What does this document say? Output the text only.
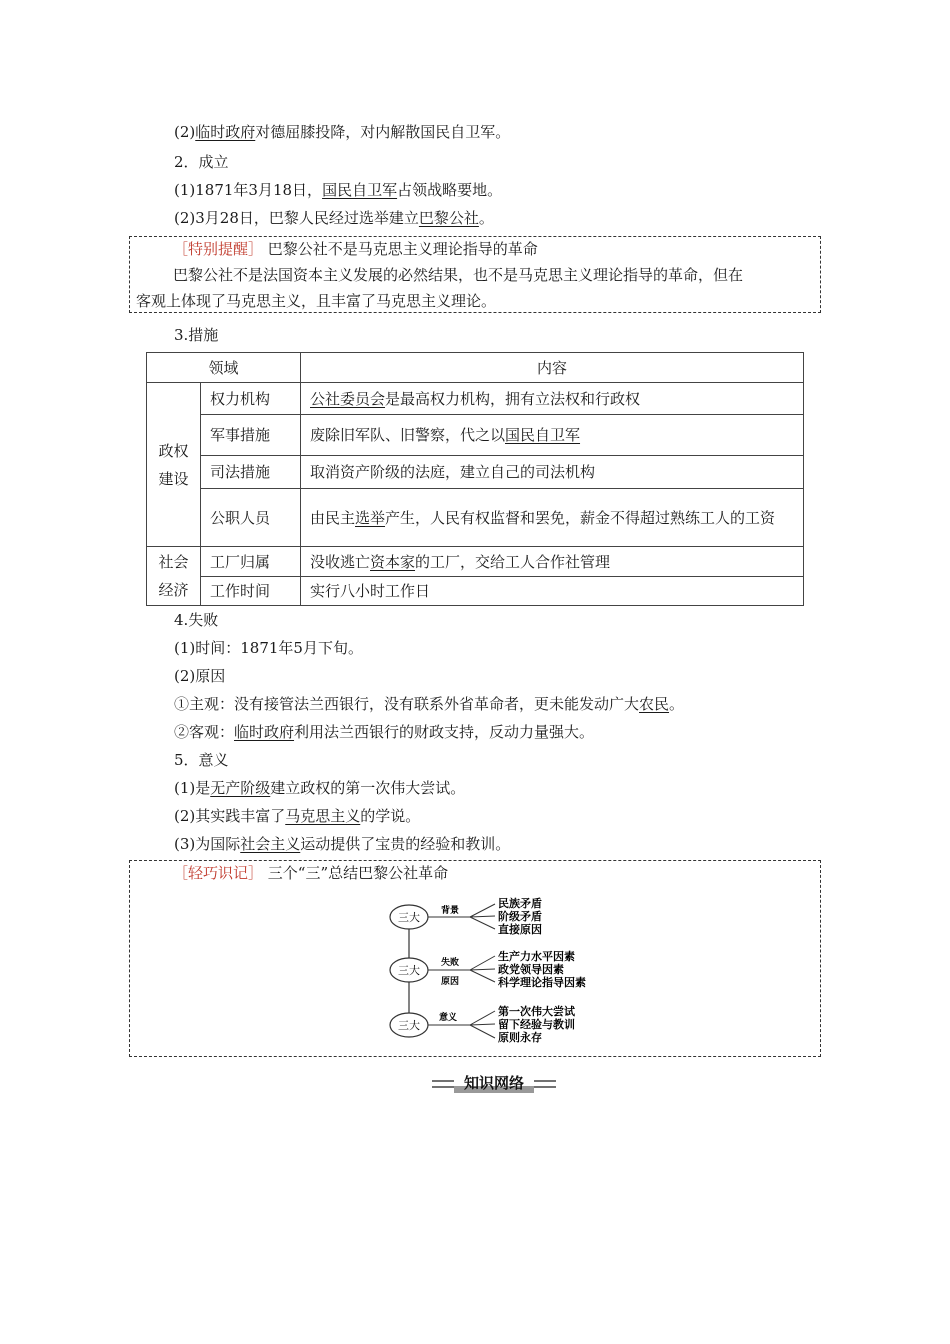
(2)临时政府对德屈膝投降，对内解散国民自卫军。
2．成立
(1)1871年3月18日，国民自卫军占领战略要地。
(2)3月28日，巴黎人民经过选举建立巴黎公社。
［特别提醒］ 巴黎公社不是马克思主义理论指导的革命
巴黎公社不是法国资本主义发展的必然结果，也不是马克思主义理论指导的革命，但在
客观上体现了马克思主义，且丰富了马克思主义理论。
3.措施
领域		内容
政权建设	权力机构	公社委员会是最高权力机构，拥有立法权和行政权
	军事措施	废除旧军队、旧警察，代之以国民自卫军
	司法措施	取消资产阶级的法庭，建立自己的司法机构
	公职人员	由民主选举产生，人民有权监督和罢免，薪金不得超过熟练工人的工资
社会经济	工厂归属	没收逃亡资本家的工厂，交给工人合作社管理
	工作时间	实行八小时工作日
4.失败
(1)时间：1871年5月下旬。
(2)原因
①主观：没有接管法兰西银行，没有联系外省革命者，更未能发动广大农民。
②客观：临时政府利用法兰西银行的财政支持，反动力量强大。
5．意义
(1)是无产阶级建立政权的第一次伟大尝试。
(2)其实践丰富了马克思主义的学说。
(3)为国际社会主义运动提供了宝贵的经验和教训。
［轻巧识记］ 三个“三”总结巴黎公社革命
三大 背景
民族矛盾
阶级矛盾
直接原因
三大
失败
原因
生产力水平因素
政党领导因素
科学理论指导因素
三大
意义	第一次伟大尝试
留下经验与教训
原则永存
知识网络
